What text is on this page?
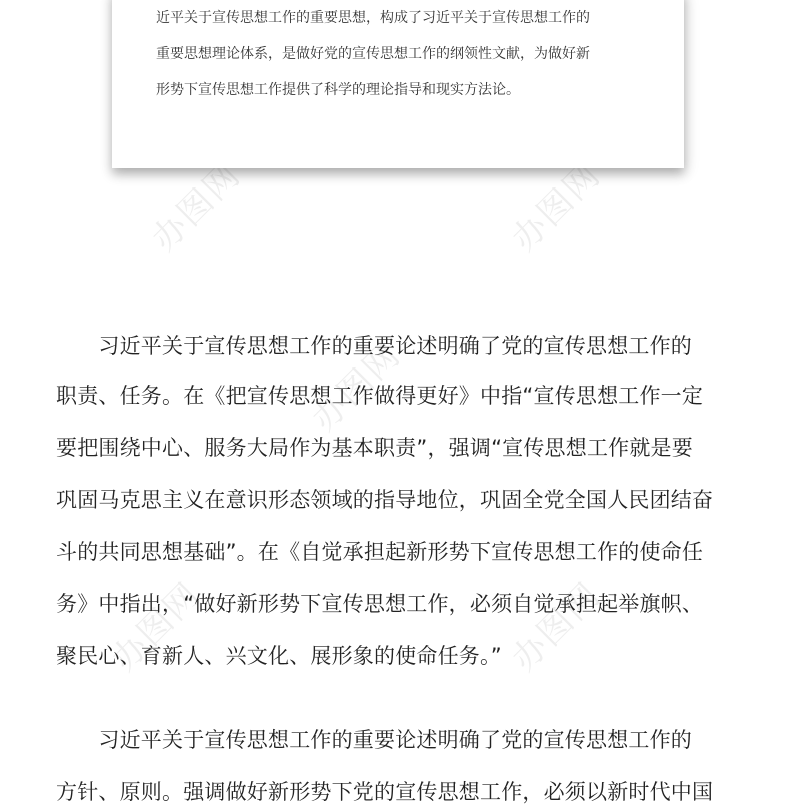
办图网	办图网
办图网
办图网
办图网
近平关于宣传思想工作的重要思想，构成了习近平关于宣传思想工作的
重要思想理论体系，是做好党的宣传思想工作的纲领性文献，为做好新
形势下宣传思想工作提供了科学的理论指导和现实方法论。
　　习近平关于宣传思想工作的重要论述明确了党的宣传思想工作的
职责、任务。在《把宣传思想工作做得更好》中指“宣传思想工作一定
要把围绕中心、服务大局作为基本职责”，强调“宣传思想工作就是要
巩固马克思主义在意识形态领域的指导地位，巩固全党全国人民团结奋
斗的共同思想基础”。在《自觉承担起新形势下宣传思想工作的使命任
务》中指出，“做好新形势下宣传思想工作，必须自觉承担起举旗帜、
聚民心、育新人、兴文化、展形象的使命任务。”
　　习近平关于宣传思想工作的重要论述明确了党的宣传思想工作的
方针、原则。强调做好新形势下党的宣传思想工作，必须以新时代中国
